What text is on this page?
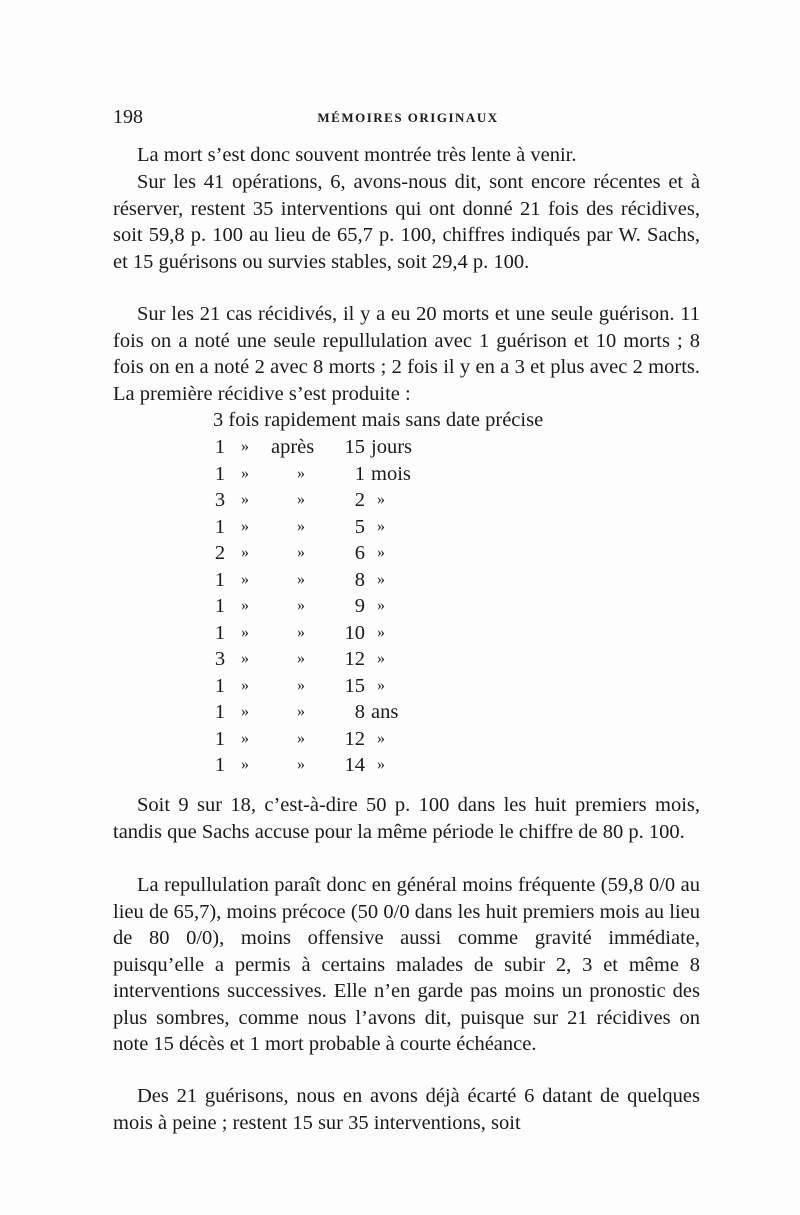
198	MÉMOIRES ORIGINAUX

La mort s’est donc souvent montrée très lente à venir.

Sur les 41 opérations, 6, avons-nous dit, sont encore récentes et à réserver, restent 35 interventions qui ont donné 21 fois des récidives, soit 59,8 p. 100 au lieu de 65,7 p. 100, chiffres indiqués par W. Sachs, et 15 guérisons ou survies stables, soit 29,4 p. 100.

Sur les 21 cas récidivés, il y a eu 20 morts et une seule guérison. 11 fois on a noté une seule repullulation avec 1 guérison et 10 morts ; 8 fois on en a noté 2 avec 8 morts ; 2 fois il y en a 3 et plus avec 2 morts. La première récidive s’est produite :

3 fois rapidement mais sans date précise
1 » après	15 jours
1 »	»	1 mois
3 »	»	2 »
1 »	»	5 »
2 »	»	6 »
1 »	»	8 »
1 »	»	9 »
1 »	»	10 »
3 »	»	12 »
1 »	»	15 »
1 »	»	8 ans
1 »	»	12 »
1 »	»	14 »

Soit 9 sur 18, c’est-à-dire 50 p. 100 dans les huit premiers mois, tandis que Sachs accuse pour la même période le chiffre de 80 p. 100.

La repullulation paraît donc en général moins fréquente (59,8 0/0 au lieu de 65,7), moins précoce (50 0/0 dans les huit premiers mois au lieu de 80 0/0), moins offensive aussi comme gravité immédiate, puisqu’elle a permis à certains malades de subir 2, 3 et même 8 interventions successives. Elle n’en garde pas moins un pronostic des plus sombres, comme nous l’avons dit, puisque sur 21 récidives on note 15 décès et 1 mort probable à courte échéance.

Des 21 guérisons, nous en avons déjà écarté 6 datant de quelques mois à peine ; restent 15 sur 35 interventions, soit
